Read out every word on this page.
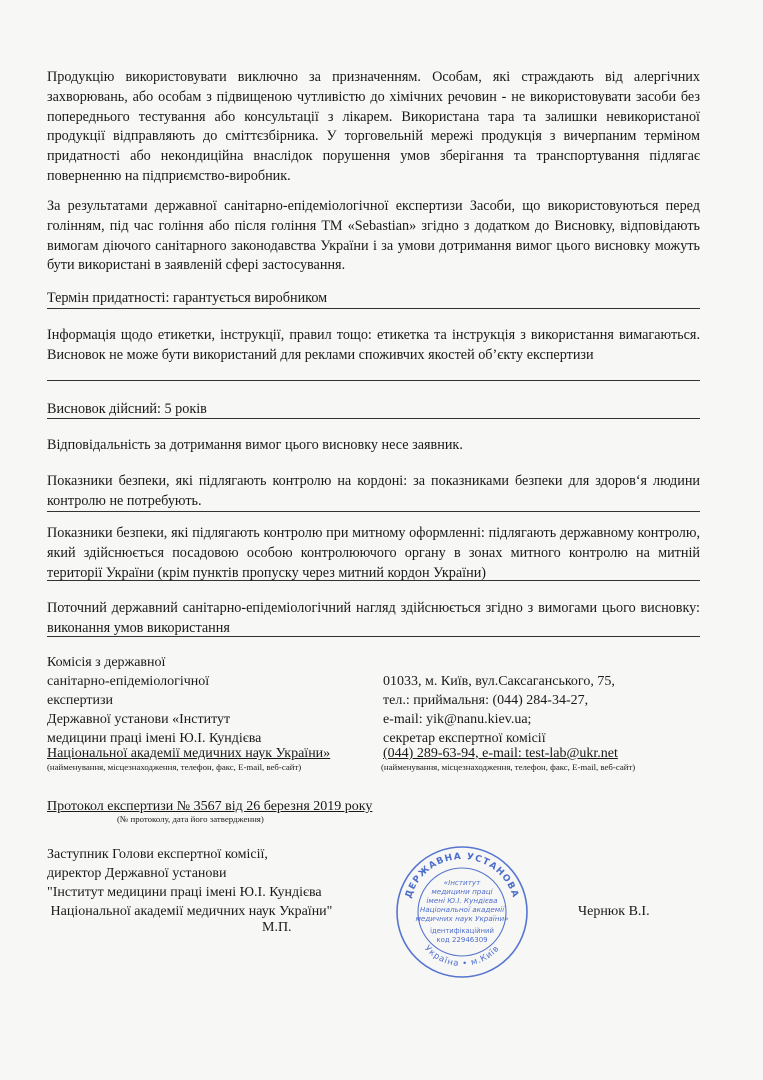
Продукцію використовувати виключно за призначенням. Особам, які страждають від алергічних захворювань, або особам з підвищеною чутливістю до хімічних речовин - не використовувати засоби без попереднього тестування або консультації з лікарем. Використана тара та залишки невикористаної продукції відправляють до сміттєзбірника. У торговельній мережі продукція з вичерпаним терміном придатності або некондиційна внаслідок порушення умов зберігання та транспортування підлягає поверненню на підприємство-виробник.
За результатами державної санітарно-епідеміологічної експертизи Засоби, що використовуються перед голінням, під час гоління або після гоління ТМ «Sebastian» згідно з додатком до Висновку, відповідають вимогам діючого санітарного законодавства України і за умови дотримання вимог цього висновку можуть бути використані в заявленій сфері застосування.
Термін придатності: гарантується виробником
Інформація щодо етикетки, інструкції, правил тощо: етикетка та інструкція з використання вимагаються. Висновок не може бути використаний для реклами споживчих якостей об’єкту експертизи
Висновок дійсний: 5 років
Відповідальність за дотримання вимог цього висновку несе заявник.
Показники безпеки, які підлягають контролю на кордоні: за показниками безпеки для здоров‘я людини контролю не потребують.
Показники безпеки, які підлягають контролю при митному оформленні: підлягають державному контролю, який здійснюється посадовою особою контролюючого органу в зонах митного контролю на митній території України (крім пунктів пропуску через митний кордон України)
Поточний державний санітарно-епідеміологічний нагляд здійснюється згідно з вимогами цього висновку: виконання умов використання
Комісія з державної
санітарно-епідеміологічної
експертизи
Державної установи «Інститут
медицини праці імені Ю.І. Кундієва
Національної академії медичних наук України»
(найменування, місцезнаходження, телефон, факс, E-mail, веб-сайт)
01033, м. Київ, вул.Саксаганського, 75,
тел.: приймальня: (044) 284-34-27,
e-mail: yik@nanu.kiev.ua;
секретар експертної комісії
(044) 289-63-94, e-mail: test-lab@ukr.net
(найменування, місцезнаходження, телефон, факс, E-mail, веб-сайт)
Протокол експертизи № 3567 від 26 березня 2019 року
(№ протоколу, дата його затвердження)
Заступник Голови експертної комісії,
директор Державної установи
"Інститут медицини праці імені Ю.І. Кундієва
Національної академії медичних наук України"
М.П.
Чернюк В.І.
ДЕРЖАВНА УСТАНОВА
Україна • м.Київ
«Інститут
медицини праці
імені Ю.І. Кундієва
Національної академії
медичних наук України»
ідентифікаційний
код 22946309
